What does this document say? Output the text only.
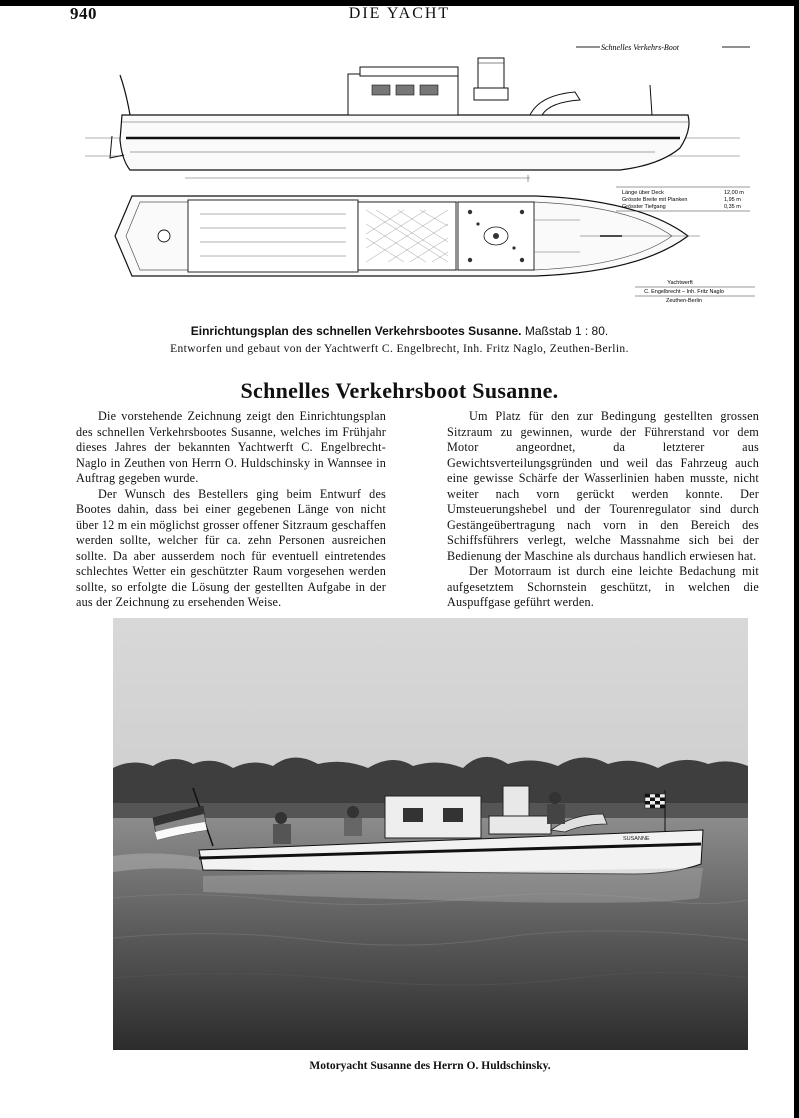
940	DIE YACHT
Schnelles Verkehrs-Boot
Länge über Deck	12,00 m
Grösste Breite mit Planken	1,95 m
Grösster Tiefgang	0,35 m
Yachtwerft
C. Engelbrecht – Inh. Fritz Naglo
Zeuthen-Berlin
Einrichtungsplan des schnellen Verkehrsbootes Susanne. Maßstab 1 : 80.
Entworfen und gebaut von der Yachtwerft C. Engelbrecht, Inh. Fritz Naglo, Zeuthen-Berlin.
Schnelles Verkehrsboot Susanne.

Die vorstehende Zeichnung zeigt den Einrichtungsplan des schnellen Verkehrsbootes Susanne, welches im Frühjahr dieses Jahres der bekannten Yachtwerft C. Engelbrecht-Naglo in Zeuthen von Herrn O. Huldschinsky in Wannsee in Auftrag gegeben wurde.

Der Wunsch des Bestellers ging beim Entwurf des Bootes dahin, dass bei einer gegebenen Länge von nicht über 12 m ein möglichst grosser offener Sitzraum geschaffen werden sollte, welcher für ca. zehn Personen ausreichen sollte. Da aber ausserdem noch für eventuell eintretendes schlechtes Wetter ein geschützter Raum vorgesehen werden sollte, so erfolgte die Lösung der gestellten Aufgabe in der aus der Zeichnung zu ersehenden Weise.

Um Platz für den zur Bedingung gestellten grossen Sitzraum zu gewinnen, wurde der Führerstand vor dem Motor angeordnet, da letzterer aus Gewichtsverteilungsgründen und weil das Fahrzeug auch eine gewisse Schärfe der Wasserlinien haben musste, nicht weiter nach vorn gerückt werden konnte. Der Umsteuerungshebel und der Tourenregulator sind durch Gestängeübertragung nach vorn in den Bereich des Schiffsführers verlegt, welche Massnahme sich bei der Bedienung der Maschine als durchaus handlich erwiesen hat.

Der Motorraum ist durch eine leichte Bedachung mit aufgesetztem Schornstein geschützt, in welchen die Auspuffgase geführt werden.

SUSANNE
Motoryacht Susanne des Herrn O. Huldschinsky.
